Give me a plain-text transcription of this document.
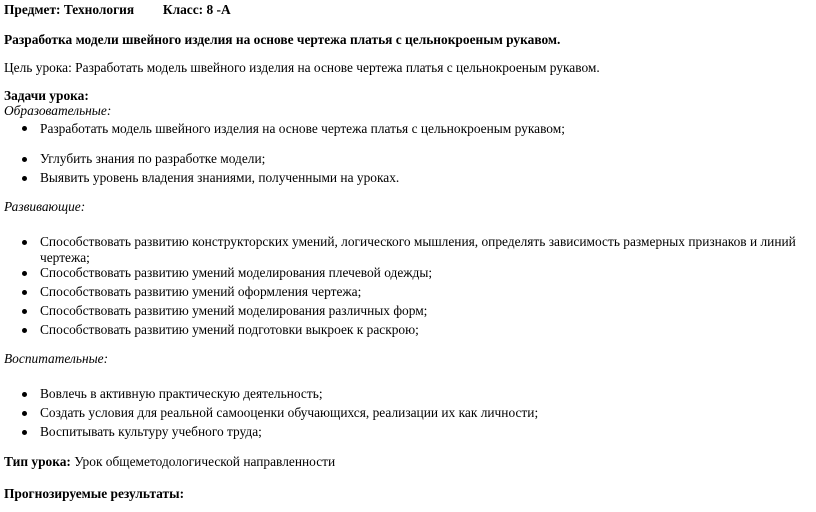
Предмет: Технология Класс: 8 -А
Разработка модели швейного изделия на основе чертежа платья с цельнокроеным рукавом.
Цель урока: Разработать модель швейного изделия на основе чертежа платья с цельнокроеным рукавом.
Задачи урока:
Образовательные:
Разработать модель швейного изделия на основе чертежа платья с цельнокроеным рукавом;
Углубить знания по разработке модели;
Выявить уровень владения знаниями, полученными на уроках.
Развивающие:
Способствовать развитию конструкторских умений, логического мышления, определять зависимость размерных признаков и линий чертежа;
Способствовать развитию умений моделирования плечевой одежды;
Способствовать развитию умений оформления чертежа;
Способствовать развитию умений моделирования различных форм;
Способствовать развитию умений подготовки выкроек к раскрою;
Воспитательные:
Вовлечь в активную практическую деятельность;
Создать условия для реальной самооценки обучающихся, реализации их как личности;
Воспитывать культуру учебного труда;
Тип урока: Урок общеметодологической направленности
Прогнозируемые результаты:
